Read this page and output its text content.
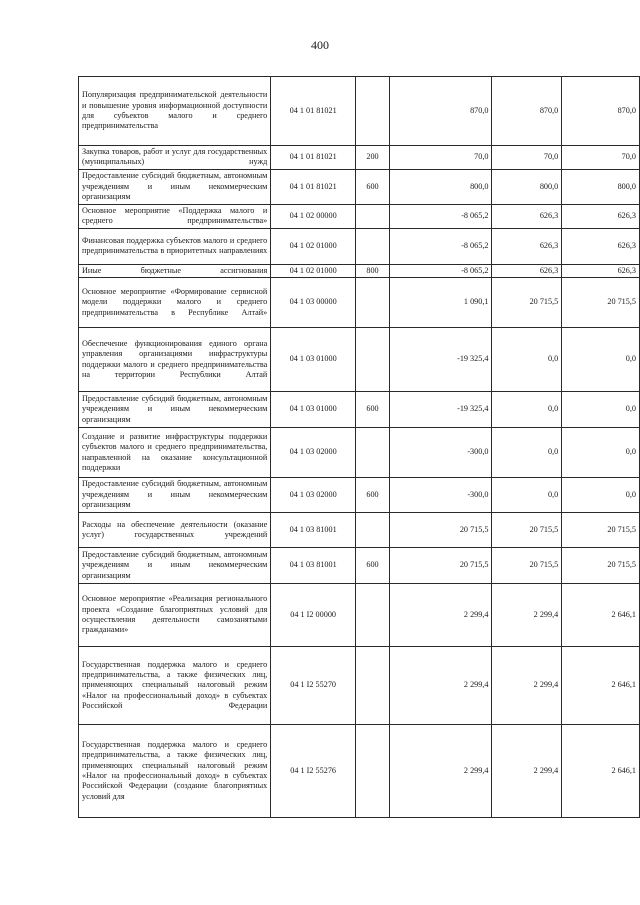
400
Популяризация предпринимательской деятельности и повышение уровня информационной доступности для субъектов малого и среднего предпринимательства	04 1 01 81021		870,0	870,0	870,0
Закупка товаров, работ и услуг для государственных (муниципальных) нужд	04 1 01 81021	200	70,0	70,0	70,0
Предоставление субсидий бюджетным, автономным учреждениям и иным некоммерческим организациям	04 1 01 81021	600	800,0	800,0	800,0
Основное мероприятие «Поддержка малого и среднего предпринимательства»	04 1 02 00000		-8 065,2	626,3	626,3
Финансовая поддержка субъектов малого и среднего предпринимательства в приоритетных направлениях	04 1 02 01000		-8 065,2	626,3	626,3
Иные бюджетные ассигнования	04 1 02 01000	800	-8 065,2	626,3	626,3
Основное мероприятие «Формирование сервисной модели поддержки малого и среднего предпринимательства в Республике Алтай»	04 1 03 00000		1 090,1	20 715,5	20 715,5
Обеспечение функционирования единого органа управления организациями инфраструктуры поддержки малого и среднего предпринимательства на территории Республики Алтай	04 1 03 01000		-19 325,4	0,0	0,0
Предоставление субсидий бюджетным, автономным учреждениям и иным некоммерческим организациям	04 1 03 01000	600	-19 325,4	0,0	0,0
Создание и развитие инфраструктуры поддержки субъектов малого и среднего предпринимательства, направленной на оказание консультационной поддержки	04 1 03 02000		-300,0	0,0	0,0
Предоставление субсидий бюджетным, автономным учреждениям и иным некоммерческим организациям	04 1 03 02000	600	-300,0	0,0	0,0
Расходы на обеспечение деятельности (оказание услуг) государственных учреждений	04 1 03 81001		20 715,5	20 715,5	20 715,5
Предоставление субсидий бюджетным, автономным учреждениям и иным некоммерческим организациям	04 1 03 81001	600	20 715,5	20 715,5	20 715,5
Основное мероприятие «Реализация регионального проекта «Создание благоприятных условий для осуществления деятельности самозанятыми гражданами»	04 1 I2 00000		2 299,4	2 299,4	2 646,1
Государственная поддержка малого и среднего предпринимательства, а также физических лиц, применяющих специальный налоговый режим «Налог на профессиональный доход» в субъектах Российской Федерации	04 1 I2 55270		2 299,4	2 299,4	2 646,1
Государственная поддержка малого и среднего предпринимательства, а также физических лиц, применяющих специальный налоговый режим «Налог на профессиональный доход» в субъектах Российской Федерации (создание благоприятных условий для	04 1 I2 55276		2 299,4	2 299,4	2 646,1
